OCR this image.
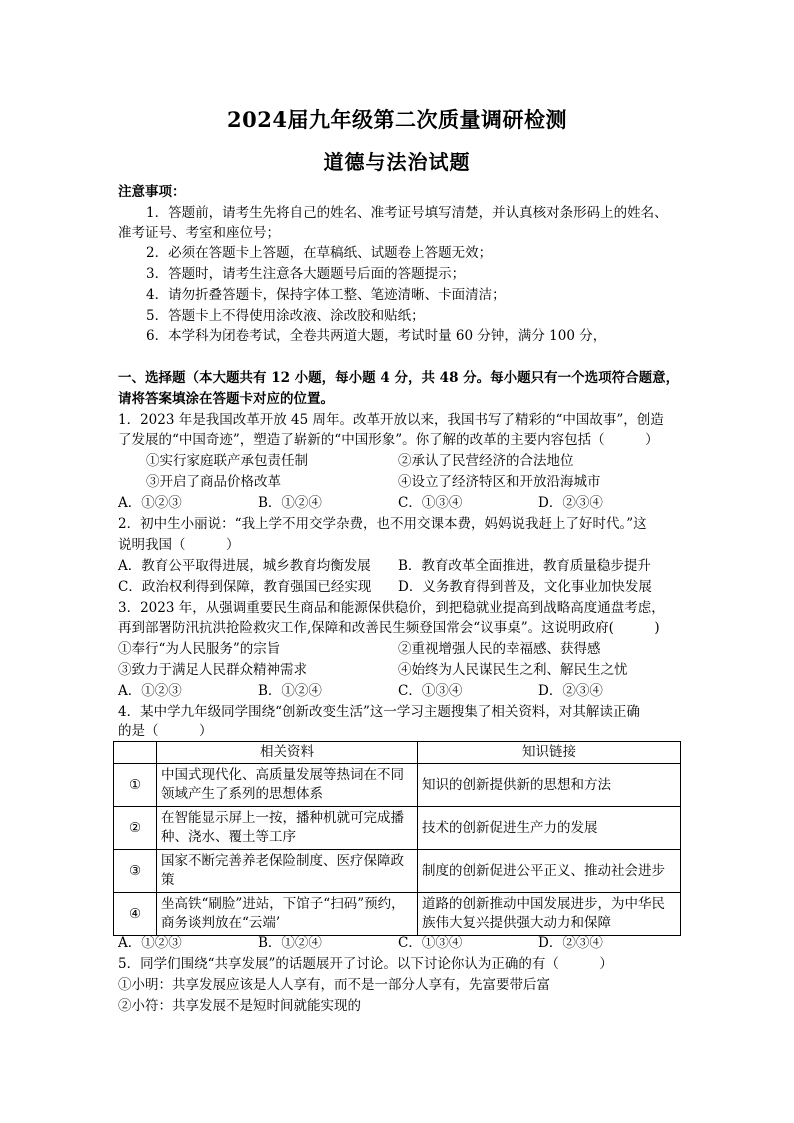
2024届九年级第二次质量调研检测
道德与法治试题
注意事项：
1．答题前，请考生先将自己的姓名、准考证号填写清楚，并认真核对条形码上的姓名、
准考证号、考室和座位号；
2．必须在答题卡上答题，在草稿纸、试题卷上答题无效；
3．答题时，请考生注意各大题题号后面的答题提示；
4．请勿折叠答题卡，保持字体工整、笔迹清晰、卡面清洁；
5．答题卡上不得使用涂改液、涂改胶和贴纸；
6．本学科为闭卷考试，全卷共两道大题，考试时量 60 分钟，满分 100 分，
一、选择题（本大题共有 12 小题，每小题 4 分，共 48 分。每小题只有一个选项符合题意，
请将答案填涂在答题卡对应的位置。
1．2023 年是我国改革开放 45 周年。改革开放以来，我国书写了精彩的“中国故事”，创造
了发展的“中国奇迹”，塑造了崭新的“中国形象”。你了解的改革的主要内容包括（　　　）
①实行家庭联产承包责任制	②承认了民营经济的合法地位
③开启了商品价格改革	④设立了经济特区和开放沿海城市
A．①②③	B．①②④	C．①③④	D．②③④
2．初中生小丽说：“我上学不用交学杂费，也不用交课本费，妈妈说我赶上了好时代。”这
说明我国（　　　）
A．教育公平取得进展，城乡教育均衡发展 B．教育改革全面推进，教育质量稳步提升
C．政治权利得到保障，教育强国已经实现 D．义务教育得到普及，文化事业加快发展
3．2023 年，从强调重要民生商品和能源保供稳价，到把稳就业提高到战略高度通盘考虑，
再到部署防汛抗洪抢险救灾工作,保障和改善民生频登国常会“议事桌”。这说明政府(　　　)
①奉行“为人民服务”的宗旨	②重视增强人民的幸福感、获得感
③致力于满足人民群众精神需求	④始终为人民谋民生之利、解民生之忧
A．①②③	B．①②④	C．①③④	D．②③④
4．某中学九年级同学围绕“创新改变生活”这一学习主题搜集了相关资料，对其解读正确
的是（　　　）
	相关资料	知识链接
①	中国式现代化、高质量发展等热词在不同领域产生了系列的思想体系	知识的创新提供新的思想和方法
②	在智能显示屏上一按，播种机就可完成播种、浇水、覆土等工序	技术的创新促进生产力的发展
③	国家不断完善养老保险制度、医疗保障政策	制度的创新促进公平正义、推动社会进步
④	坐高铁“刷脸”进站，下馆子“扫码”预约，商务谈判放在“云端’	道路的创新推动中国发展进步，为中华民族伟大复兴提供强大动力和保障
A．①②③	B．①②④	C．①③④	D．②③④
5．同学们围绕“共享发展”的话题展开了讨论。以下讨论你认为正确的有（　　　）
①小明：共享发展应该是人人享有，而不是一部分人享有，先富要带后富
②小符：共享发展不是短时间就能实现的
